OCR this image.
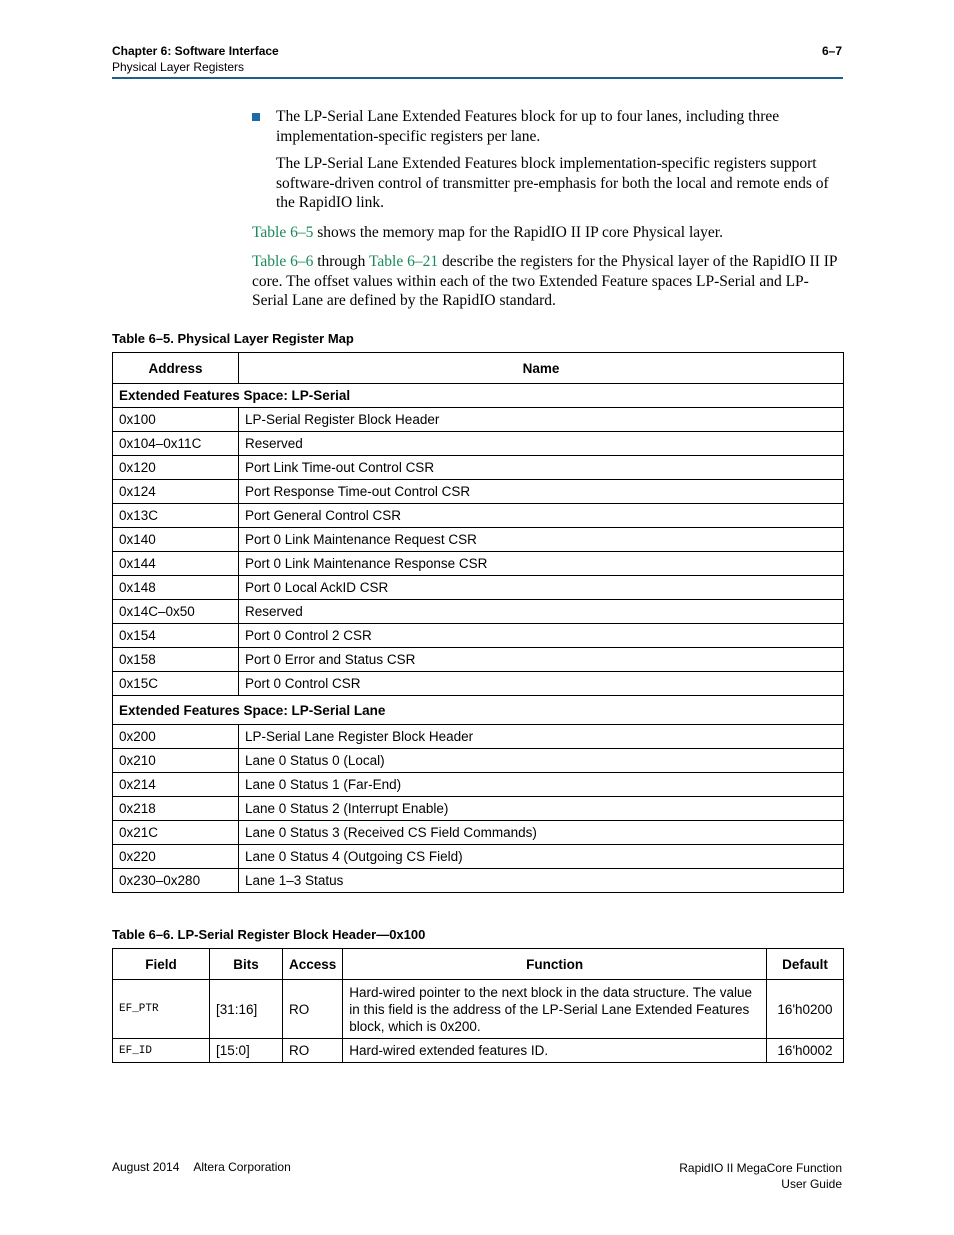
Chapter 6: Software Interface
Physical Layer Registers
6–7
The LP-Serial Lane Extended Features block for up to four lanes, including three implementation-specific registers per lane.
The LP-Serial Lane Extended Features block implementation-specific registers support software-driven control of transmitter pre-emphasis for both the local and remote ends of the RapidIO link.
Table 6–5 shows the memory map for the RapidIO II IP core Physical layer.
Table 6–6 through Table 6–21 describe the registers for the Physical layer of the RapidIO II IP core. The offset values within each of the two Extended Feature spaces LP-Serial and LP-Serial Lane are defined by the RapidIO standard.
Table 6–5. Physical Layer Register Map
Address	Name
Extended Features Space: LP-Serial	
0x100	LP-Serial Register Block Header
0x104–0x11C	Reserved
0x120	Port Link Time-out Control CSR
0x124	Port Response Time-out Control CSR
0x13C	Port General Control CSR
0x140	Port 0 Link Maintenance Request CSR
0x144	Port 0 Link Maintenance Response CSR
0x148	Port 0 Local AckID CSR
0x14C–0x50	Reserved
0x154	Port 0 Control 2 CSR
0x158	Port 0 Error and Status CSR
0x15C	Port 0 Control CSR
Extended Features Space: LP-Serial Lane	
0x200	LP-Serial Lane Register Block Header
0x210	Lane 0 Status 0 (Local)
0x214	Lane 0 Status 1 (Far-End)
0x218	Lane 0 Status 2 (Interrupt Enable)
0x21C	Lane 0 Status 3 (Received CS Field Commands)
0x220	Lane 0 Status 4 (Outgoing CS Field)
0x230–0x280	Lane 1–3 Status
Table 6–6. LP-Serial Register Block Header—0x100
Field	Bits	Access	Function	Default
EF_PTR	[31:16]	RO	Hard-wired pointer to the next block in the data structure. The value in this field is the address of the LP-Serial Lane Extended Features block, which is 0x200.	16'h0200
EF_ID	[15:0]	RO	Hard-wired extended features ID.	16'h0002
August 2014 Altera Corporation	RapidIO II MegaCore Function
User Guide
